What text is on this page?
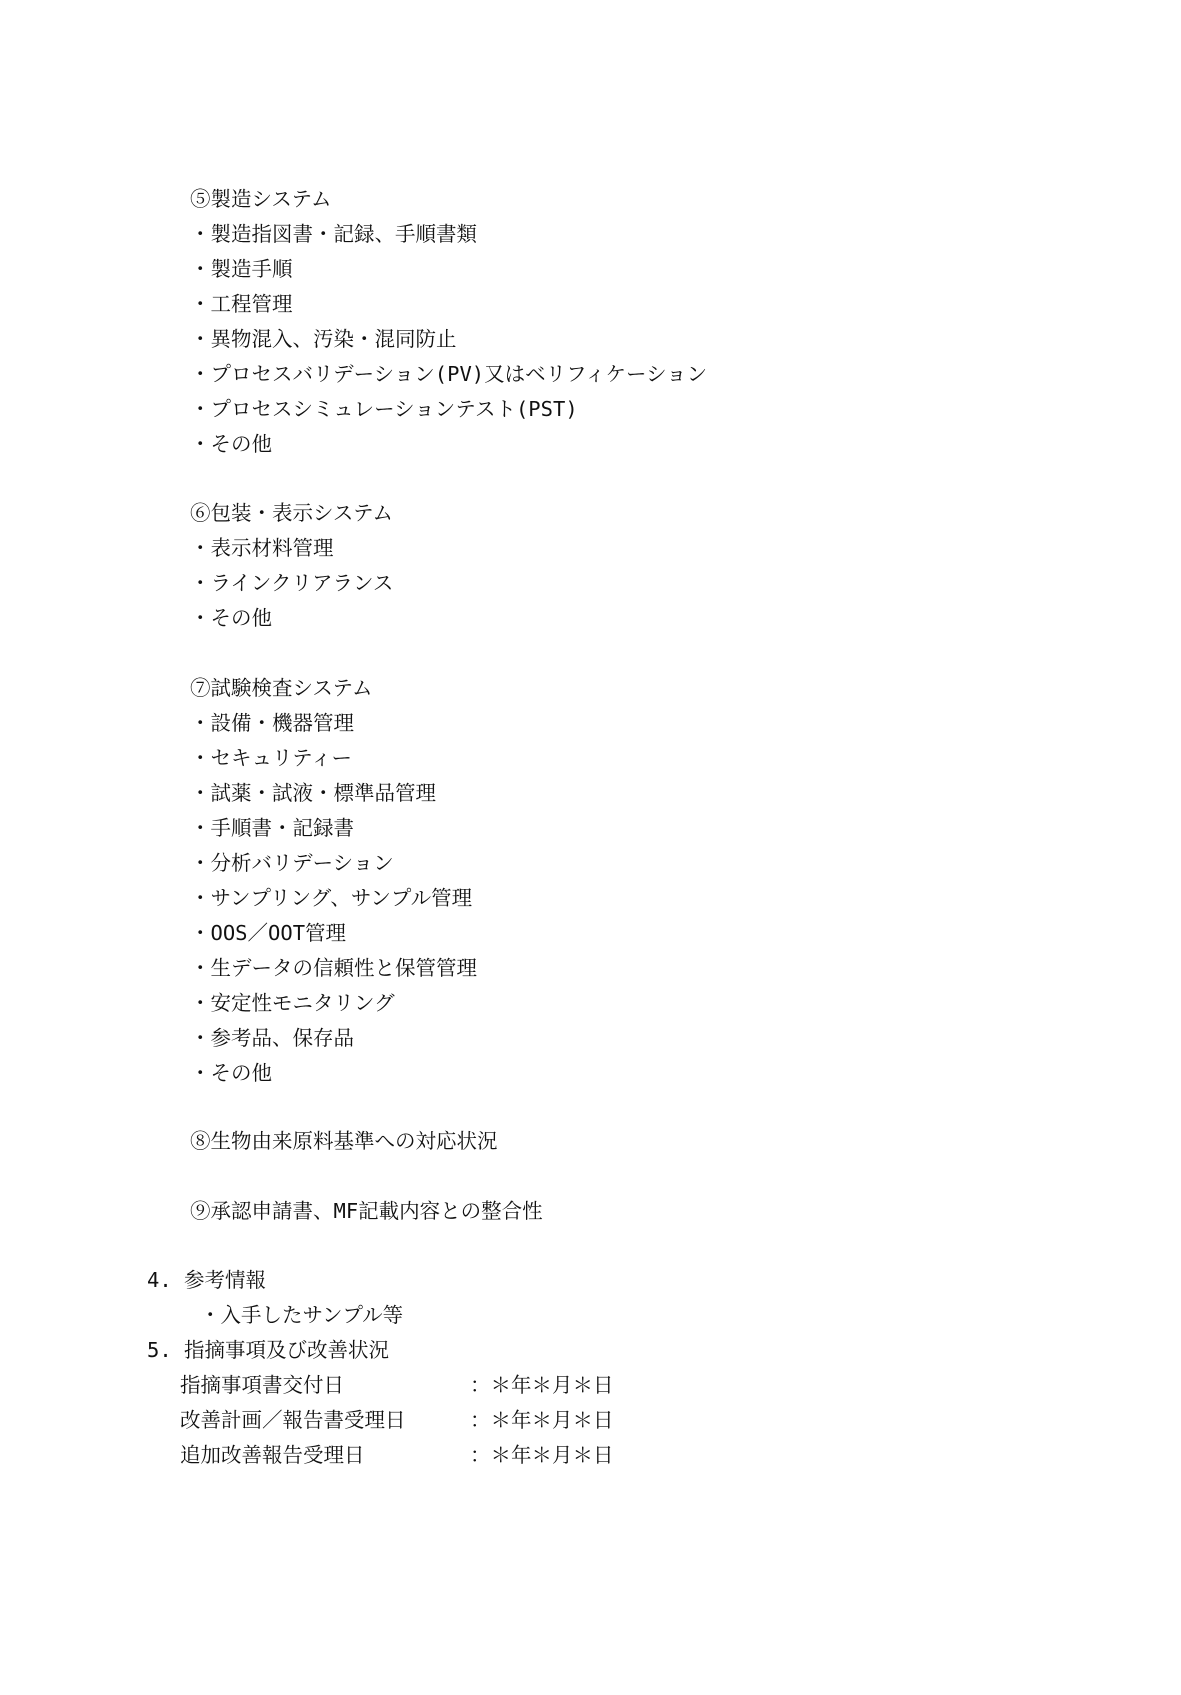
⑤製造システム
・製造指図書・記録、手順書類
・製造手順
・工程管理
・異物混入、汚染・混同防止
・プロセスバリデーション(PV)又はベリフィケーション
・プロセスシミュレーションテスト(PST)
・その他
⑥包装・表示システム
・表示材料管理
・ラインクリアランス
・その他
⑦試験検査システム
・設備・機器管理
・セキュリティー
・試薬・試液・標準品管理
・手順書・記録書
・分析バリデーション
・サンプリング、サンプル管理
・OOS／OOT管理
・生データの信頼性と保管管理
・安定性モニタリング
・参考品、保存品
・その他
⑧生物由来原料基準への対応状況
⑨承認申請書、MF記載内容との整合性
4. 参考情報
・入手したサンプル等
5. 指摘事項及び改善状況
指摘事項書交付日	：＊年＊月＊日
改善計画／報告書受理日	：＊年＊月＊日
追加改善報告受理日	：＊年＊月＊日
